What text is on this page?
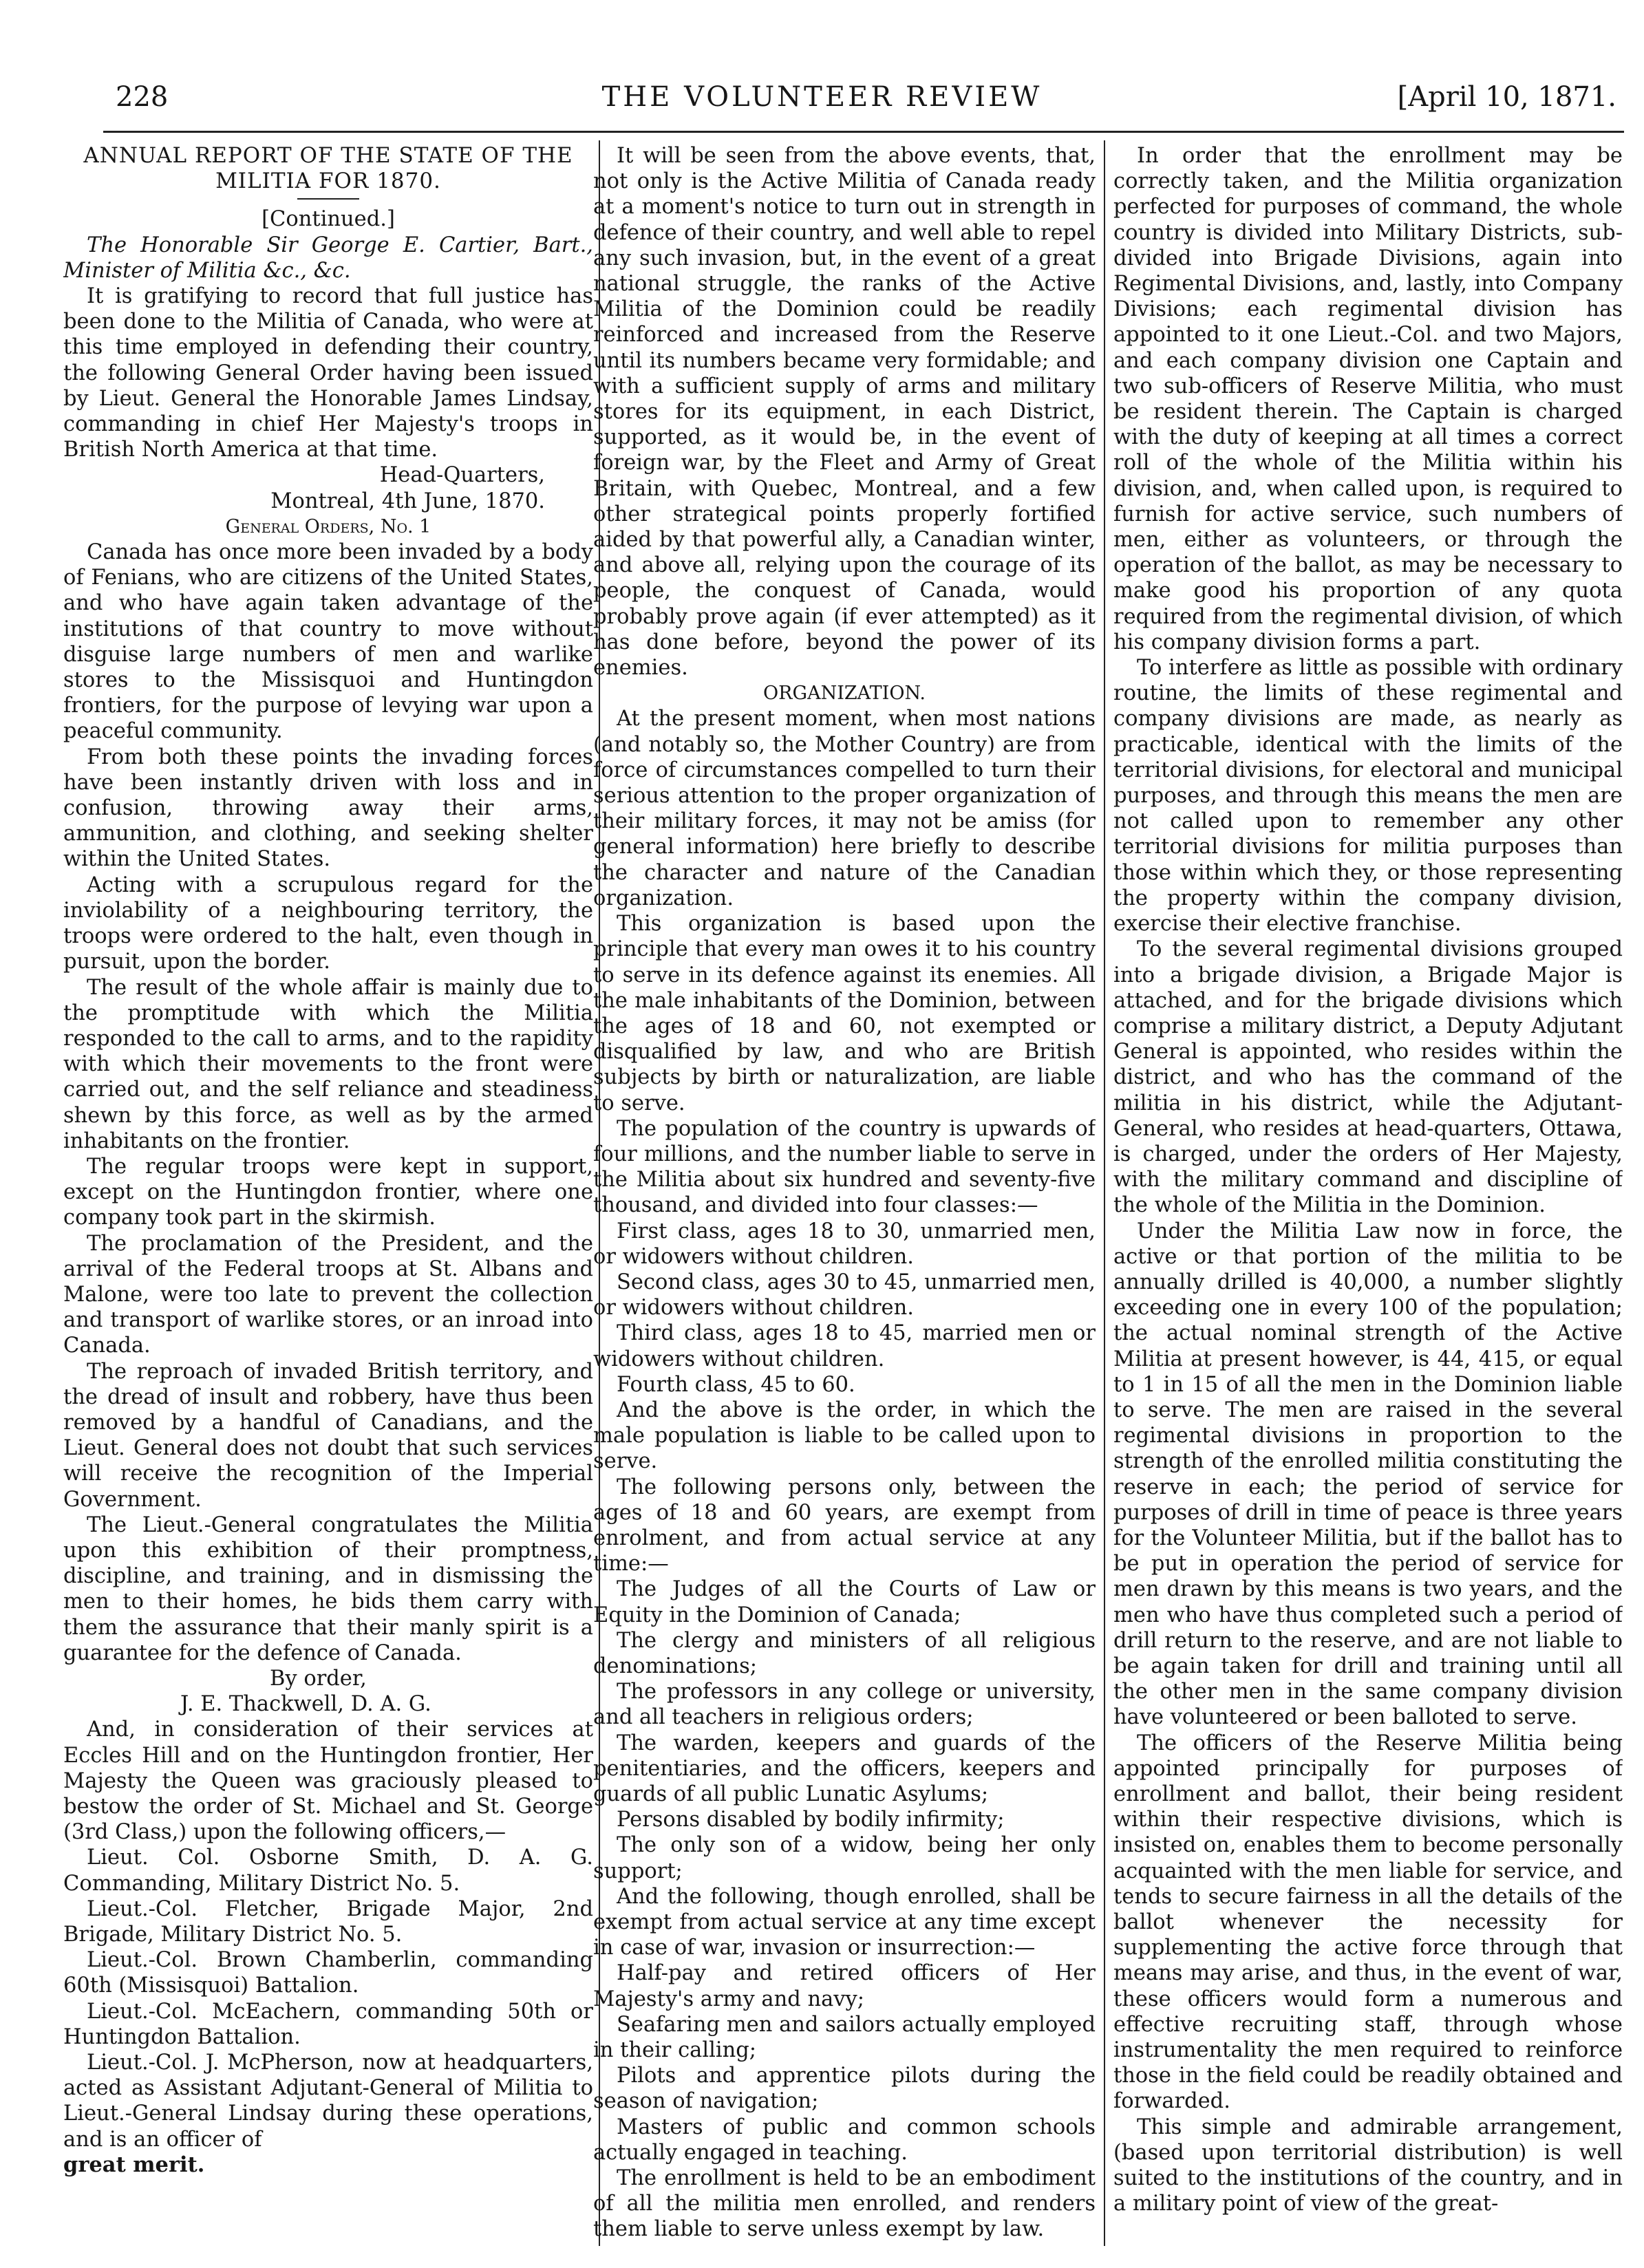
228	THE VOLUNTEER REVIEW	[April 10, 1871.

ANNUAL REPORT OF THE STATE OF THE MILITIA FOR 1870.

[Continued.]

The Honorable Sir George E. Cartier, Bart., Minister of Militia &c., &c.

It is gratifying to record that full justice has been done to the Militia of Canada, who were at this time employed in defending their country, the following General Order having been issued by Lieut. General the Honorable James Lindsay, commanding in chief Her Majesty's troops in British North America at that time.

Head-Quarters,

Montreal, 4th June, 1870.

General Orders, No. 1

Canada has once more been invaded by a body of Fenians, who are citizens of the United States, and who have again taken advantage of the institutions of that country to move without disguise large numbers of men and warlike stores to the Missisquoi and Huntingdon frontiers, for the purpose of levying war upon a peaceful community.

From both these points the invading forces have been instantly driven with loss and in confusion, throwing away their arms, ammunition, and clothing, and seeking shelter within the United States.

Acting with a scrupulous regard for the inviolability of a neighbouring territory, the troops were ordered to the halt, even though in pursuit, upon the border.

The result of the whole affair is mainly due to the promptitude with which the Militia responded to the call to arms, and to the rapidity with which their movements to the front were carried out, and the self reliance and steadiness shewn by this force, as well as by the armed inhabitants on the frontier.

The regular troops were kept in support, except on the Huntingdon frontier, where one company took part in the skirmish.

The proclamation of the President, and the arrival of the Federal troops at St. Albans and Malone, were too late to prevent the collection and transport of warlike stores, or an inroad into Canada.

The reproach of invaded British territory, and the dread of insult and robbery, have thus been removed by a handful of Canadians, and the Lieut. General does not doubt that such services will receive the recognition of the Imperial Government.

The Lieut.-General congratulates the Militia upon this exhibition of their promptness, discipline, and training, and in dismissing the men to their homes, he bids them carry with them the assurance that their manly spirit is a guarantee for the defence of Canada.

By order,

J. E. Thackwell, D. A. G.

And, in consideration of their services at Eccles Hill and on the Huntingdon frontier, Her Majesty the Queen was graciously pleased to bestow the order of St. Michael and St. George (3rd Class,) upon the following officers,—

Lieut. Col. Osborne Smith, D. A. G. Commanding, Military District No. 5.

Lieut.-Col. Fletcher, Brigade Major, 2nd Brigade, Military District No. 5.

Lieut.-Col. Brown Chamberlin, commanding 60th (Missisquoi) Battalion.

Lieut.-Col. McEachern, commanding 50th or Huntingdon Battalion.

Lieut.-Col. J. McPherson, now at headquarters, acted as Assistant Adjutant-General of Militia to Lieut.-General Lindsay during these operations, and is an officer of

great merit.

It will be seen from the above events, that, not only is the Active Militia of Canada ready at a moment's notice to turn out in strength in defence of their country, and well able to repel any such invasion, but, in the event of a great national struggle, the ranks of the Active Militia of the Dominion could be readily reinforced and increased from the Reserve until its numbers became very formidable; and with a sufficient supply of arms and military stores for its equipment, in each District, supported, as it would be, in the event of foreign war, by the Fleet and Army of Great Britain, with Quebec, Montreal, and a few other strategical points properly fortified aided by that powerful ally, a Canadian winter, and above all, relying upon the courage of its people, the conquest of Canada, would probably prove again (if ever attempted) as it has done before, beyond the power of its enemies.

ORGANIZATION.

At the present moment, when most nations (and notably so, the Mother Country) are from force of circumstances compelled to turn their serious attention to the proper organization of their military forces, it may not be amiss (for general information) here briefly to describe the character and nature of the Canadian organization.

This organization is based upon the principle that every man owes it to his country to serve in its defence against its enemies. All the male inhabitants of the Dominion, between the ages of 18 and 60, not exempted or disqualified by law, and who are British subjects by birth or naturalization, are liable to serve.

The population of the country is upwards of four millions, and the number liable to serve in the Militia about six hundred and seventy-five thousand, and divided into four classes:—

First class, ages 18 to 30, unmarried men, or widowers without children.

Second class, ages 30 to 45, unmarried men, or widowers without children.

Third class, ages 18 to 45, married men or widowers without children.

Fourth class, 45 to 60.

And the above is the order, in which the male population is liable to be called upon to serve.

The following persons only, between the ages of 18 and 60 years, are exempt from enrolment, and from actual service at any time:—

The Judges of all the Courts of Law or Equity in the Dominion of Canada;

The clergy and ministers of all religious denominations;

The professors in any college or university, and all teachers in religious orders;

The warden, keepers and guards of the penitentiaries, and the officers, keepers and guards of all public Lunatic Asylums;

Persons disabled by bodily infirmity;

The only son of a widow, being her only support;

And the following, though enrolled, shall be exempt from actual service at any time except in case of war, invasion or insurrection:—

Half-pay and retired officers of Her Majesty's army and navy;

Seafaring men and sailors actually employed in their calling;

Pilots and apprentice pilots during the season of navigation;

Masters of public and common schools actually engaged in teaching.

The enrollment is held to be an embodiment of all the militia men enrolled, and renders them liable to serve unless exempt by law.

In order that the enrollment may be correctly taken, and the Militia organization perfected for purposes of command, the whole country is divided into Military Districts, sub-divided into Brigade Divisions, again into Regimental Divisions, and, lastly, into Company Divisions; each regimental division has appointed to it one Lieut.-Col. and two Majors, and each company division one Captain and two sub-officers of Reserve Militia, who must be resident therein. The Captain is charged with the duty of keeping at all times a correct roll of the whole of the Militia within his division, and, when called upon, is required to furnish for active service, such numbers of men, either as volunteers, or through the operation of the ballot, as may be necessary to make good his proportion of any quota required from the regimental division, of which his company division forms a part.

To interfere as little as possible with ordinary routine, the limits of these regimental and company divisions are made, as nearly as practicable, identical with the limits of the territorial divisions, for electoral and municipal purposes, and through this means the men are not called upon to remember any other territorial divisions for militia purposes than those within which they, or those representing the property within the company division, exercise their elective franchise.

To the several regimental divisions grouped into a brigade division, a Brigade Major is attached, and for the brigade divisions which comprise a military district, a Deputy Adjutant General is appointed, who resides within the district, and who has the command of the militia in his district, while the Adjutant-General, who resides at head-quarters, Ottawa, is charged, under the orders of Her Majesty, with the military command and discipline of the whole of the Militia in the Dominion.

Under the Militia Law now in force, the active or that portion of the militia to be annually drilled is 40,000, a number slightly exceeding one in every 100 of the population; the actual nominal strength of the Active Militia at present however, is 44, 415, or equal to 1 in 15 of all the men in the Dominion liable to serve. The men are raised in the several regimental divisions in proportion to the strength of the enrolled militia constituting the reserve in each; the period of service for purposes of drill in time of peace is three years for the Volunteer Militia, but if the ballot has to be put in operation the period of service for men drawn by this means is two years, and the men who have thus completed such a period of drill return to the reserve, and are not liable to be again taken for drill and training until all the other men in the same company division have volunteered or been balloted to serve.

The officers of the Reserve Militia being appointed principally for purposes of enrollment and ballot, their being resident within their respective divisions, which is insisted on, enables them to become personally acquainted with the men liable for service, and tends to secure fairness in all the details of the ballot whenever the necessity for supplementing the active force through that means may arise, and thus, in the event of war, these officers would form a numerous and effective recruiting staff, through whose instrumentality the men required to reinforce those in the field could be readily obtained and forwarded.

This simple and admirable arrangement, (based upon territorial distribution) is well suited to the institutions of the country, and in a military point of view of the great-
